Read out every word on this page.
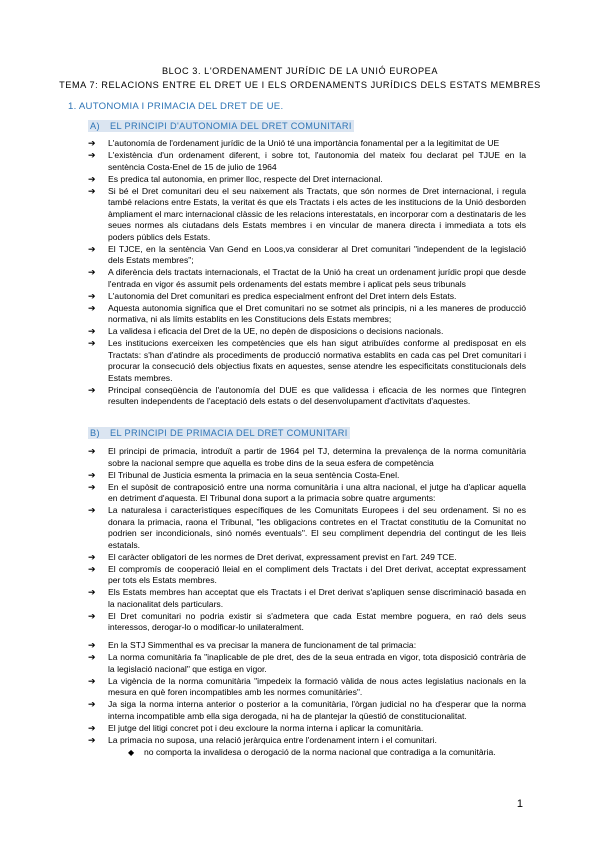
BLOC 3. L'ORDENAMENT JURÍDIC DE LA UNIÓ EUROPEA
TEMA 7: RELACIONS ENTRE EL DRET UE I ELS ORDENAMENTS JURÍDICS DELS ESTATS MEMBRES
1. AUTONOMIA I PRIMACIA DEL DRET DE UE.
A) EL PRINCIPI D'AUTONOMIA DEL DRET COMUNITARI
➔ L'autonomía de l'ordenament jurídic de la Unió té una importància fonamental per a la legitimitat de UE
➔ L'existència d'un ordenament diferent, i sobre tot, l'autonomia del mateix fou declarat pel TJUE en la sentència Costa-Enel de 15 de julio de 1964
➔ Es predica tal autonomia, en primer lloc, respecte del Dret internacional.
➔ Si bé el Dret comunitari deu el seu naixement als Tractats, que són normes de Dret internacional, i regula també relacions entre Estats, la veritat és que els Tractats i els actes de les institucions de la Unió desborden àmpliament el marc internacional clàssic de les relacions interestatals, en incorporar com a destinataris de les seues normes als ciutadans dels Estats membres i en vincular de manera directa i immediata a tots els poders públics dels Estats.
➔ El TJCE, en la sentència Van Gend en Loos,va considerar al Dret comunitari "independent de la legislació dels Estats membres";
➔ A diferència dels tractats internacionals, el Tractat de la Unió ha creat un ordenament jurídic propi que desde l'entrada en vigor és assumit pels ordenaments del estats membre i aplicat pels seus tribunals
➔ L'autonomia del Dret comunitari es predica especialment enfront del Dret intern dels Estats.
➔ Aquesta autonomia significa que el Dret comunitari no se sotmet als principis, ni a les maneres de producció normativa, ni als límits establits en les Constitucions dels Estats membres;
➔ La validesa i eficacia del Dret de la UE, no depèn de disposicions o decisions nacionals.
➔ Les institucions exerceixen les competències que els han sigut atribuïdes conforme al predisposat en els Tractats: s'han d'atindre als procediments de producció normativa establits en cada cas pel Dret comunitari i procurar la consecució dels objectius fixats en aquestes, sense atendre les especificitats constitucionals dels Estats membres.
➔ Principal conseqüència de l'autonomía del DUE es que validessa i eficacia de les normes que l'integren resulten independents de l'aceptació dels estats o del desenvolupament d'activitats d'aquestes.
B) EL PRINCIPI DE PRIMACIA DEL DRET COMUNITARI
➔ El principi de primacia, introduït a partir de 1964 pel TJ, determina la prevalença de la norma comunitària sobre la nacional sempre que aquella es trobe dins de la seua esfera de competència
➔ El Tribunal de Justicia esmenta la primacia en la seua sentència Costa-Enel.
➔ En el supòsit de contraposició entre una norma comunitària i una altra nacional, el jutge ha d'aplicar aquella en detriment d'aquesta. El Tribunal dona suport a la primacia sobre quatre arguments:
➔ La naturalesa i caracterìstiques específiques de les Comunitats Europees i del seu ordenament. Si no es donara la primacia, raona el Tribunal, "les obligacions contretes en el Tractat constitutiu de la Comunitat no podrien ser incondicionals, sinó només eventuals". El seu compliment dependria del contingut de les lleis estatals.
➔ El caràcter obligatori de les normes de Dret derivat, expressament previst en l'art. 249 TCE.
➔ El compromís de cooperació lleial en el compliment dels Tractats i del Dret derivat, acceptat expressament per tots els Estats membres.
➔ Els Estats membres han acceptat que els Tractats i el Dret derivat s'apliquen sense discriminació basada en la nacionalitat dels particulars.
➔ El Dret comunitari no podria existir si s'admetera que cada Estat membre poguera, en raó dels seus interessos, derogar-lo o modificar-lo unilateralment.
➔ En la STJ Simmenthal es va precisar la manera de funcionament de tal primacia:
➔ La norma comunitària fa "inaplicable de ple dret, des de la seua entrada en vigor, tota disposició contrària de la legislació nacional" que estiga en vigor.
➔ La vigència de la norma comunitària "impedeix la formació vàlida de nous actes legislatius nacionals en la mesura en què foren incompatibles amb les normes comunitàries".
➔ Ja siga la norma interna anterior o posterior a la comunitària, l'òrgan judicial no ha d'esperar que la norma interna incompatible amb ella siga derogada, ni ha de plantejar la qüestió de constitucionalitat.
➔ El jutge del litigi concret pot i deu excloure la norma interna i aplicar la comunitària.
➔ La primacia no suposa, una relació jeràrquica entre l'ordenament intern i el comunitari.
◆ no comporta la invalidesa o derogació de la norma nacional que contradiga a la comunitària.
1
